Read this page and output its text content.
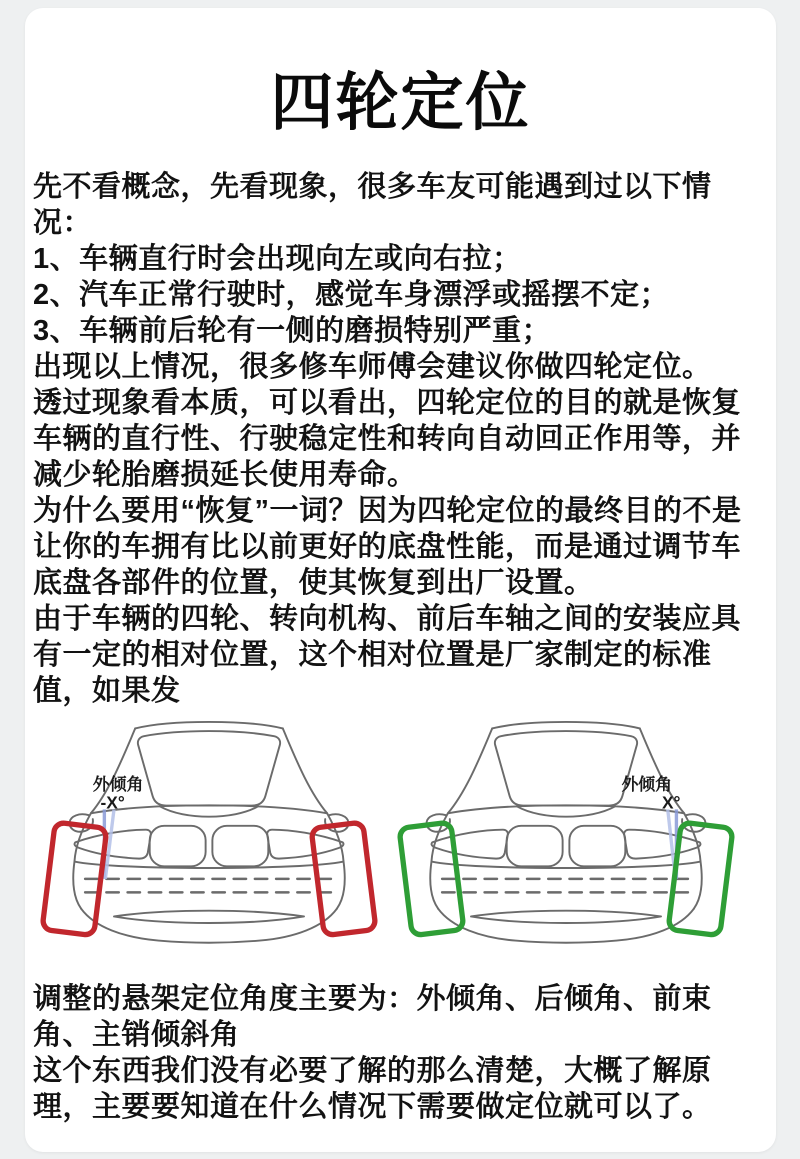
四轮定位

先不看概念，先看现象，很多车友可能遇到过以下情况：

1、车辆直行时会出现向左或向右拉；

2、汽车正常行驶时，感觉车身漂浮或摇摆不定；

3、车辆前后轮有一侧的磨损特别严重；

出现以上情况，很多修车师傅会建议你做四轮定位。

透过现象看本质，可以看出，四轮定位的目的就是恢复车辆的直行性、行驶稳定性和转向自动回正作用等，并减少轮胎磨损延长使用寿命。

为什么要用“恢复”一词？因为四轮定位的最终目的不是让你的车拥有比以前更好的底盘性能，而是通过调节车底盘各部件的位置，使其恢复到出厂设置。

由于车辆的四轮、转向机构、前后车轴之间的安装应具有一定的相对位置，这个相对位置是厂家制定的标准值，如果发

外倾角
-X°
外倾角
X°

调整的悬架定位角度主要为：外倾角、后倾角、前束角、主销倾斜角

这个东西我们没有必要了解的那么清楚，大概了解原理，主要要知道在什么情况下需要做定位就可以了。
